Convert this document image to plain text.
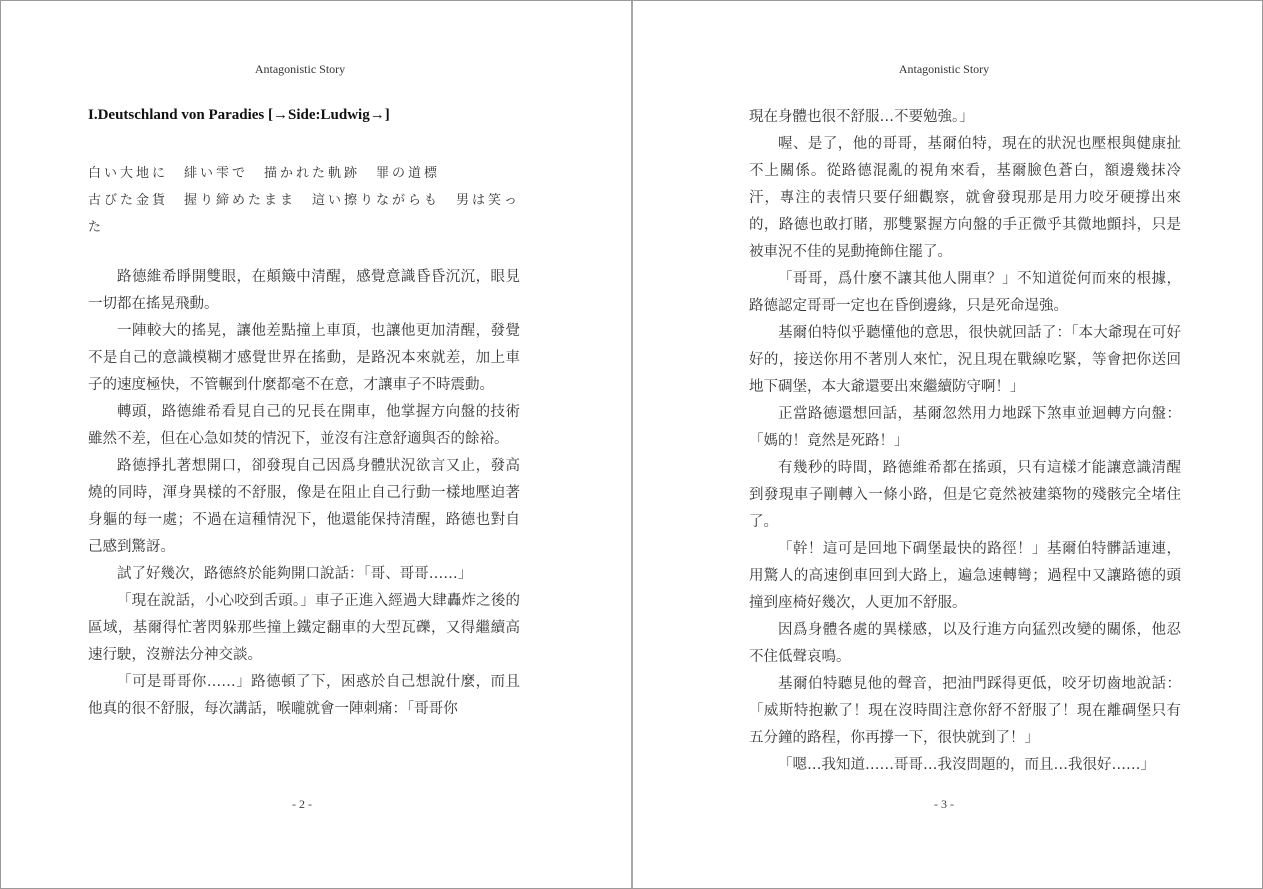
Antagonistic Story
I.Deutschland von Paradies [→Side:Ludwig→]
白い大地に　緋い雫で　描かれた軌跡　罪の道標
古びた金貨　握り締めたまま　這い擦りながらも　男は笑っ
た

路德維希睜開雙眼，在顛簸中清醒，感覺意識昏昏沉沉，眼見一切都在搖晃飛動。

一陣較大的搖晃，讓他差點撞上車頂，也讓他更加清醒，發覺不是自己的意識模糊才感覺世界在搖動，是路況本來就差，加上車子的速度極快，不管輾到什麼都毫不在意，才讓車子不時震動。

轉頭，路德維希看見自己的兄長在開車，他掌握方向盤的技術雖然不差，但在心急如焚的情況下，並沒有注意舒適與否的餘裕。

路德掙扎著想開口，卻發現自己因爲身體狀況欲言又止，發高燒的同時，渾身異樣的不舒服，像是在阻止自己行動一樣地壓迫著身軀的每一處；不過在這種情況下，他還能保持清醒，路德也對自己感到驚訝。

試了好幾次，路德終於能夠開口說話：「哥、哥哥……」

「現在說話，小心咬到舌頭。」車子正進入經過大肆轟炸之後的區域，基爾得忙著閃躲那些撞上鐵定翻車的大型瓦礫，又得繼續高速行駛，沒辦法分神交談。

「可是哥哥你……」路德頓了下，困惑於自己想說什麼，而且他真的很不舒服，每次講話，喉嚨就會一陣刺痛：「哥哥你

- 2 -
Antagonistic Story

現在身體也很不舒服…不要勉強。」

喔、是了，他的哥哥，基爾伯特，現在的狀況也壓根與健康扯不上關係。從路德混亂的視角來看，基爾臉色蒼白，額邊幾抹冷汗，專注的表情只要仔細觀察，就會發現那是用力咬牙硬撐出來的，路德也敢打賭，那雙緊握方向盤的手正微乎其微地顫抖，只是被車況不佳的晃動掩飾住罷了。

「哥哥，爲什麼不讓其他人開車？」不知道從何而來的根據，路德認定哥哥一定也在昏倒邊緣，只是死命逞強。

基爾伯特似乎聽懂他的意思，很快就回話了：「本大爺現在可好好的，接送你用不著別人來忙，況且現在戰線吃緊，等會把你送回地下碉堡，本大爺還要出來繼續防守啊！」

正當路德還想回話，基爾忽然用力地踩下煞車並迴轉方向盤：「媽的！竟然是死路！」

有幾秒的時間，路德維希都在搖頭，只有這樣才能讓意識清醒到發現車子剛轉入一條小路，但是它竟然被建築物的殘骸完全堵住了。

「幹！這可是回地下碉堡最快的路徑！」基爾伯特髒話連連，用驚人的高速倒車回到大路上，遍急速轉彎；過程中又讓路德的頭撞到座椅好幾次，人更加不舒服。

因爲身體各處的異樣感，以及行進方向猛烈改變的關係，他忍不住低聲哀鳴。

基爾伯特聽見他的聲音，把油門踩得更低，咬牙切齒地說話：「威斯特抱歉了！現在沒時間注意你舒不舒服了！現在離碉堡只有五分鐘的路程，你再撐一下，很快就到了！」

「嗯…我知道……哥哥…我沒問題的，而且…我很好……」

- 3 -
